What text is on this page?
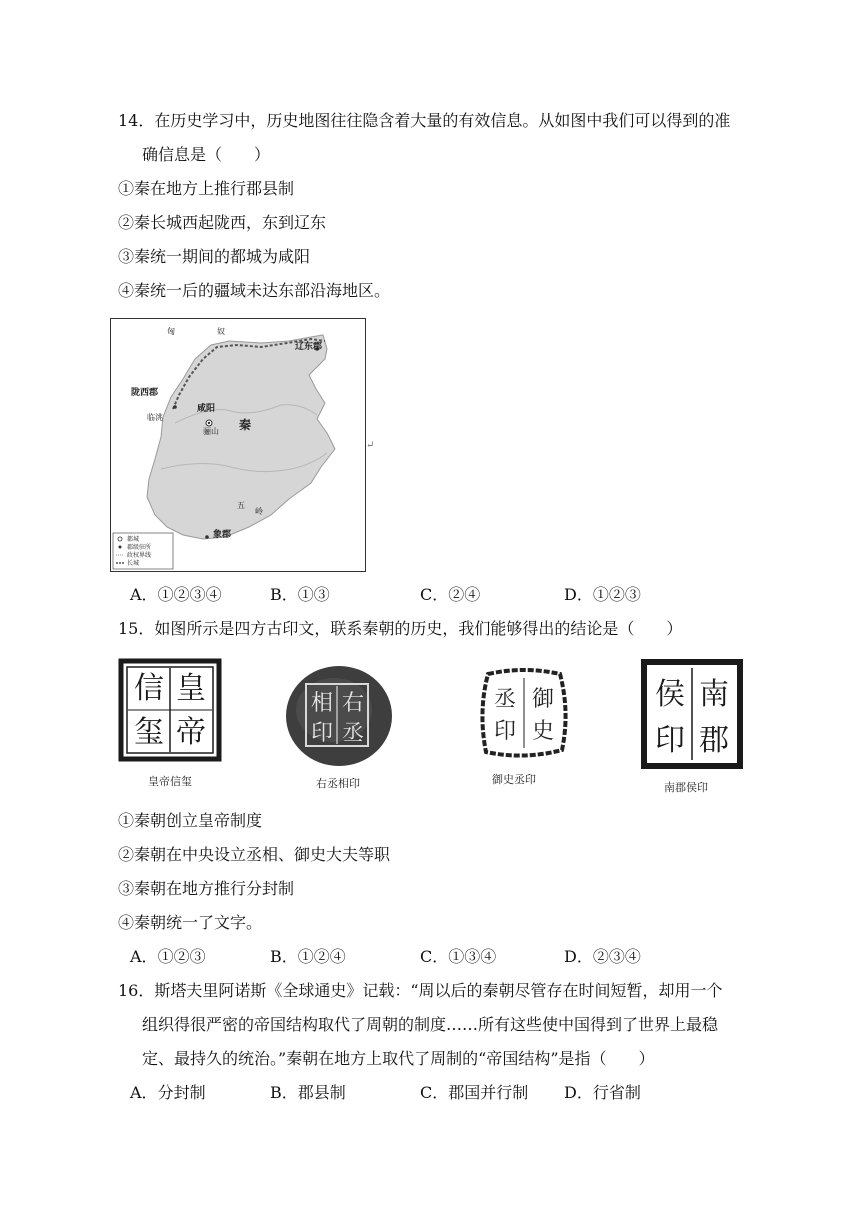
14．在历史学习中，历史地图往往隐含着大量的有效信息。从如图中我们可以得到的准
确信息是（　　）
①秦在地方上推行郡县制
②秦长城西起陇西，东到辽东
③秦统一期间的都城为咸阳
④秦统一后的疆域未达东部沿海地区。
匈	奴
辽东郡
陇西郡
临洮
咸阳
骊山 秦
五
岭
象郡
都城
郡级驻所
政权界线
长城
↵
A．①②③④	B．①③	C．②④	D．①②③
15．如图所示是四方古印文，联系秦朝的历史，我们能够得出的结论是（　　）
信 皇
玺 帝
皇帝信玺
相 右
印 丞
右丞相印
丞 御
印 史
御史丞印
侯 南
印 郡
南郡侯印
①秦朝创立皇帝制度
②秦朝在中央设立丞相、御史大夫等职
③秦朝在地方推行分封制
④秦朝统一了文字。
A．①②③	B．①②④	C．①③④	D．②③④
16．斯塔夫里阿诺斯《全球通史》记载：“周以后的秦朝尽管存在时间短暂，却用一个
组织得很严密的帝国结构取代了周朝的制度……所有这些使中国得到了世界上最稳
定、最持久的统治。”秦朝在地方上取代了周制的“帝国结构”是指（　　）
A．分封制	B．郡县制	C．郡国并行制 D．行省制
